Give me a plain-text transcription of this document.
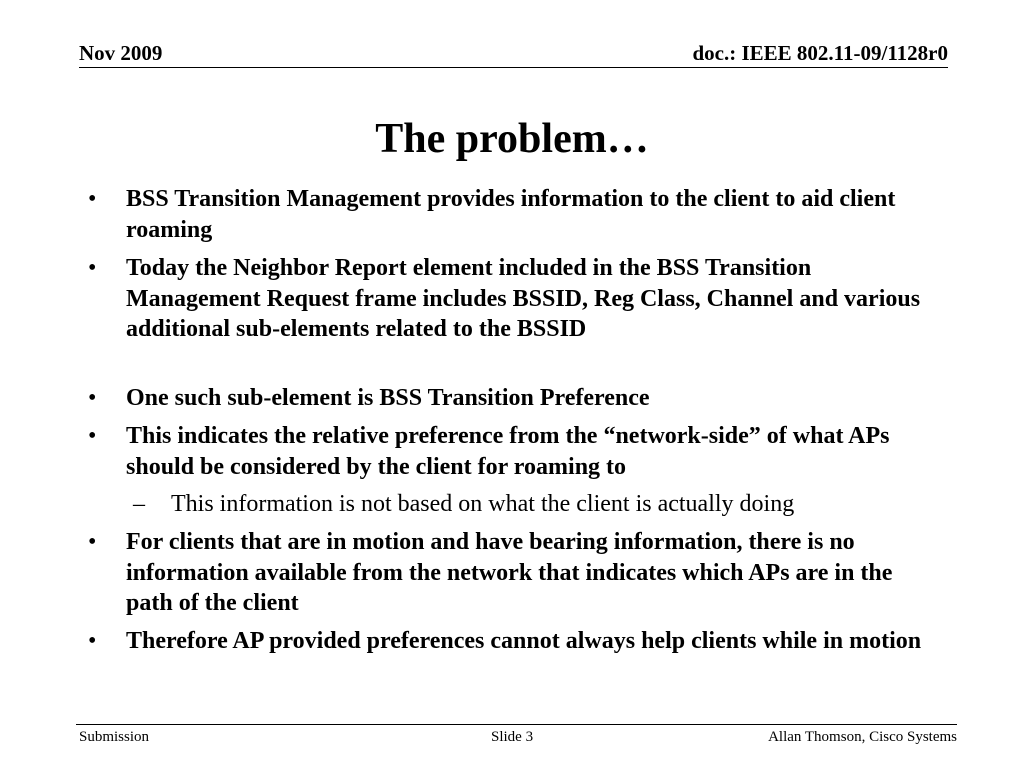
Nov 2009	doc.: IEEE 802.11-09/1128r0
The problem…
• BSS Transition Management provides information to the client to aid client roaming
• Today the Neighbor Report element included in the BSS Transition Management Request frame includes BSSID, Reg Class, Channel and various additional sub-elements related to the BSSID
• One such sub-element is BSS Transition Preference
• This indicates the relative preference from the “network-side” of what APs should be considered by the client for roaming to
– This information is not based on what the client is actually doing
• For clients that are in motion and have bearing information, there is no information available from the network that indicates which APs are in the path of the client
• Therefore AP provided preferences cannot always help clients while in motion
Submission	Slide 3	Allan Thomson, Cisco Systems
